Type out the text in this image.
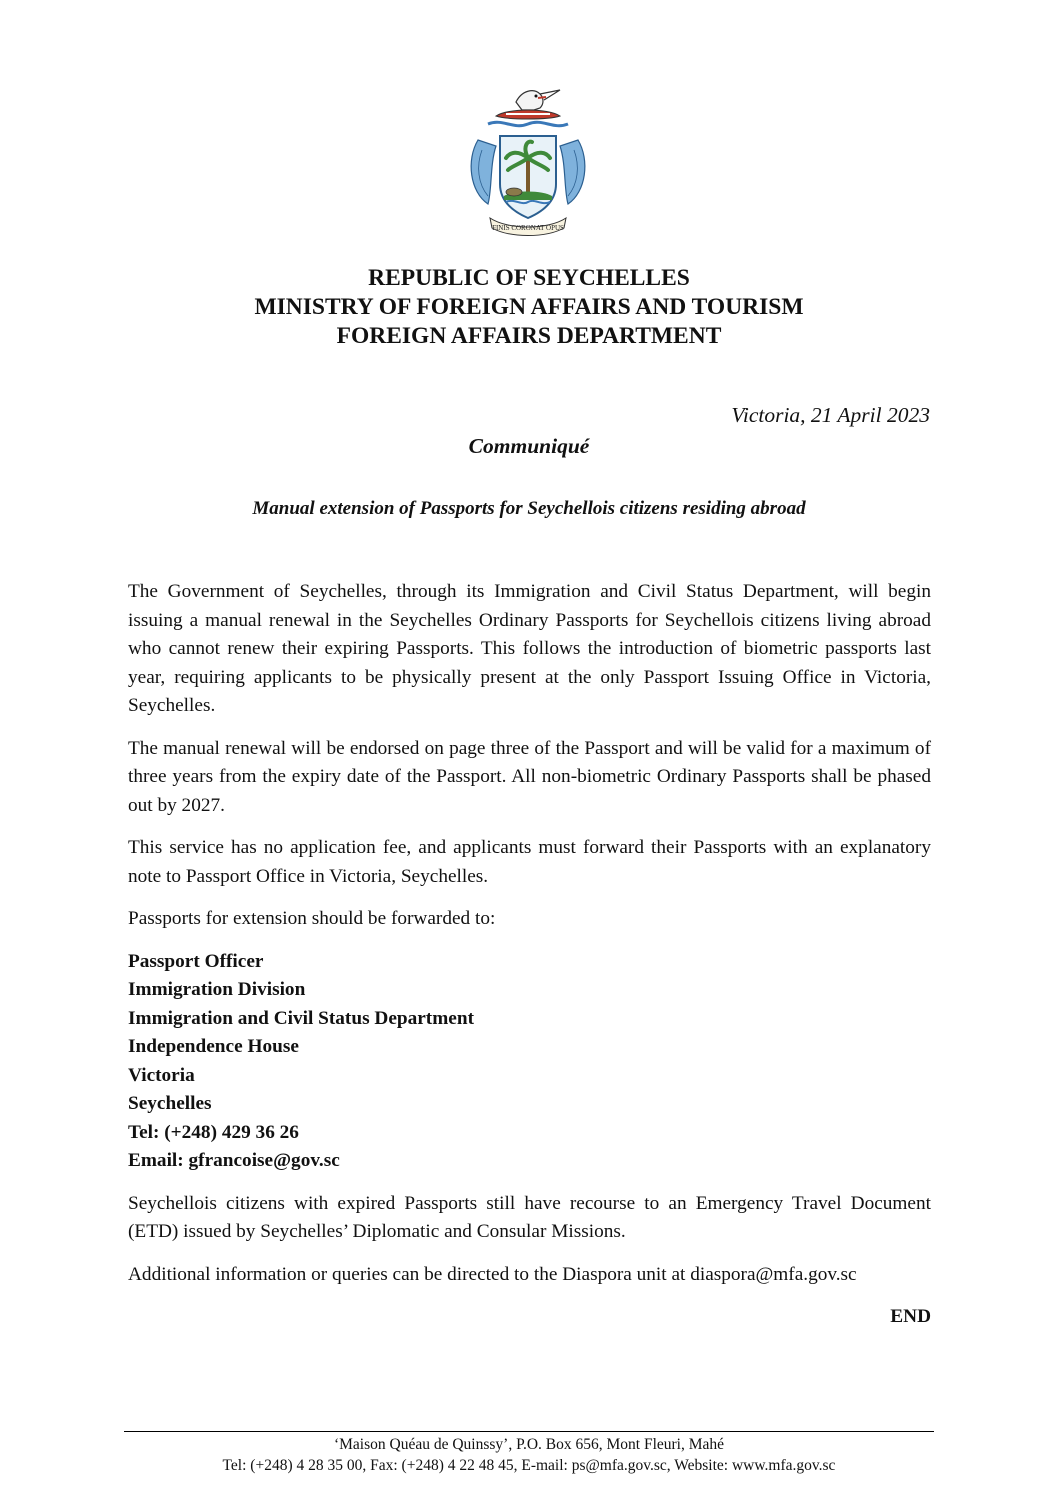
FINIS CORONAT OPUS
REPUBLIC OF SEYCHELLES
MINISTRY OF FOREIGN AFFAIRS AND TOURISM
FOREIGN AFFAIRS DEPARTMENT
Victoria, 21 April 2023
Communiqué
Manual extension of Passports for Seychellois citizens residing abroad

The Government of Seychelles, through its Immigration and Civil Status Department, will begin issuing a manual renewal in the Seychelles Ordinary Passports for Seychellois citizens living abroad who cannot renew their expiring Passports. This follows the introduction of biometric passports last year, requiring applicants to be physically present at the only Passport Issuing Office in Victoria, Seychelles.

The manual renewal will be endorsed on page three of the Passport and will be valid for a maximum of three years from the expiry date of the Passport. All non-biometric Ordinary Passports shall be phased out by 2027.

This service has no application fee, and applicants must forward their Passports with an explanatory note to Passport Office in Victoria, Seychelles.

Passports for extension should be forwarded to:

Passport Officer
Immigration Division
Immigration and Civil Status Department
Independence House
Victoria
Seychelles
Tel: (+248) 429 36 26
Email: gfrancoise@gov.sc

Seychellois citizens with expired Passports still have recourse to an Emergency Travel Document (ETD) issued by Seychelles’ Diplomatic and Consular Missions.

Additional information or queries can be directed to the Diaspora unit at diaspora@mfa.gov.sc

END
‘Maison Quéau de Quinssy’, P.O. Box 656, Mont Fleuri, Mahé
Tel: (+248) 4 28 35 00, Fax: (+248) 4 22 48 45, E-mail: ps@mfa.gov.sc, Website: www.mfa.gov.sc
